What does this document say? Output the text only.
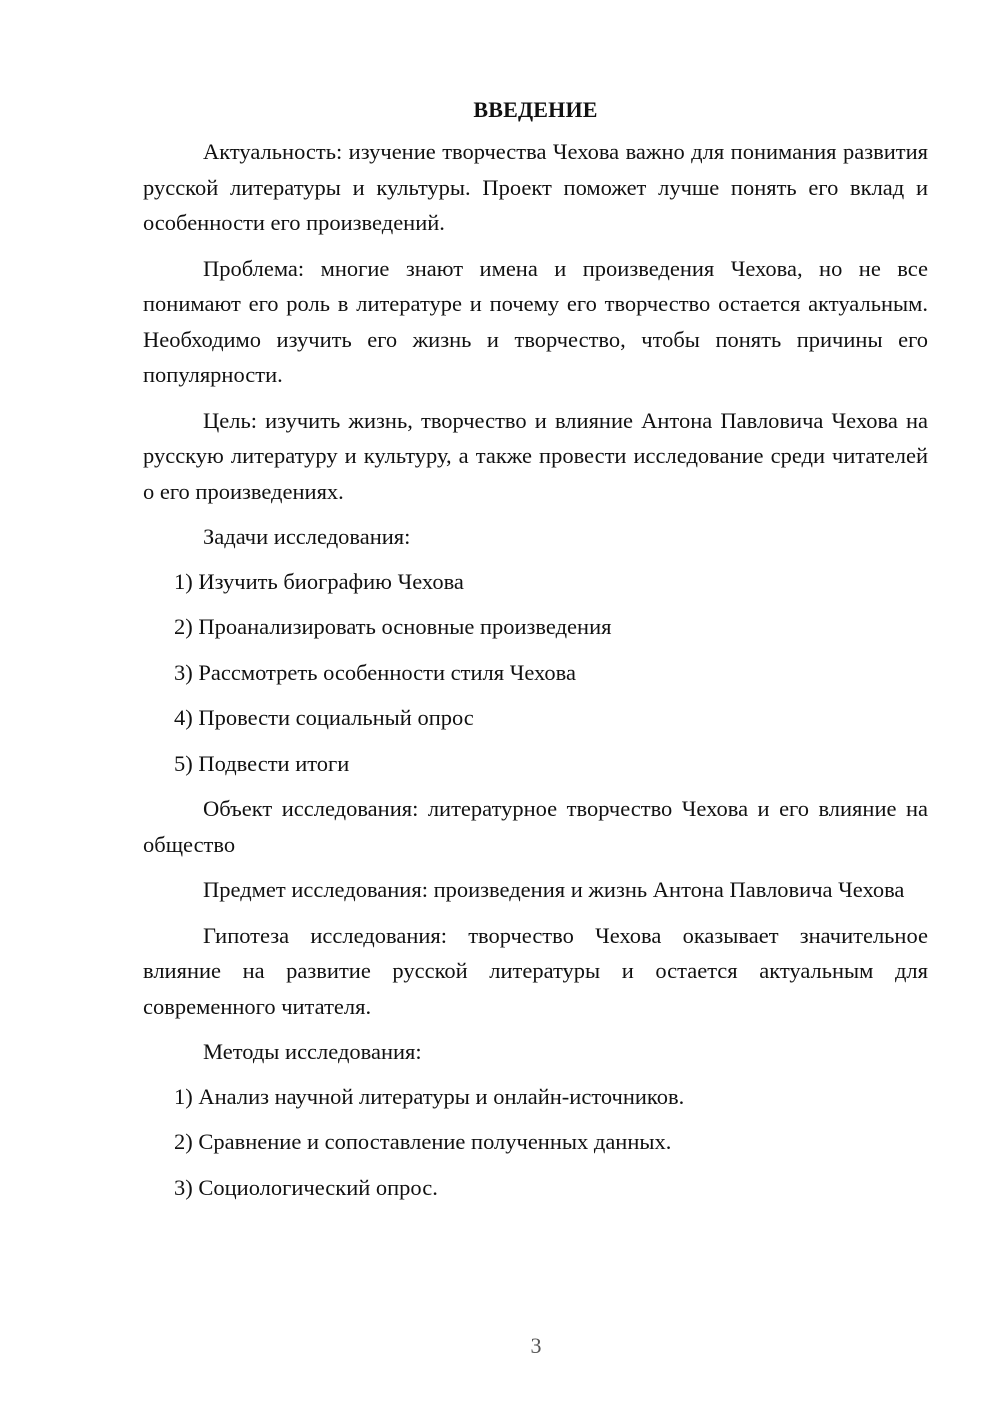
ВВЕДЕНИЕ

Актуальность: изучение творчества Чехова важно для понимания развития русской литературы и культуры. Проект поможет лучше понять его вклад и особенности его произведений.

Проблема: многие знают имена и произведения Чехова, но не все понимают его роль в литературе и почему его творчество остается актуальным. Необходимо изучить его жизнь и творчество, чтобы понять причины его популярности.

Цель: изучить жизнь, творчество и влияние Антона Павловича Чехова на русскую литературу и культуру, а также провести исследование среди читателей о его произведениях.

Задачи исследования:

1) Изучить биографию Чехова
2) Проанализировать основные произведения
3) Рассмотреть особенности стиля Чехова
4) Провести социальный опрос
5) Подвести итоги

Объект исследования: литературное творчество Чехова и его влияние на общество

Предмет исследования: произведения и жизнь Антона Павловича Чехова

Гипотеза исследования: творчество Чехова оказывает значительное влияние на развитие русской литературы и остается актуальным для современного читателя.

Методы исследования:

1) Анализ научной литературы и онлайн-источников.
2) Сравнение и сопоставление полученных данных.
3) Социологический опрос.
3
